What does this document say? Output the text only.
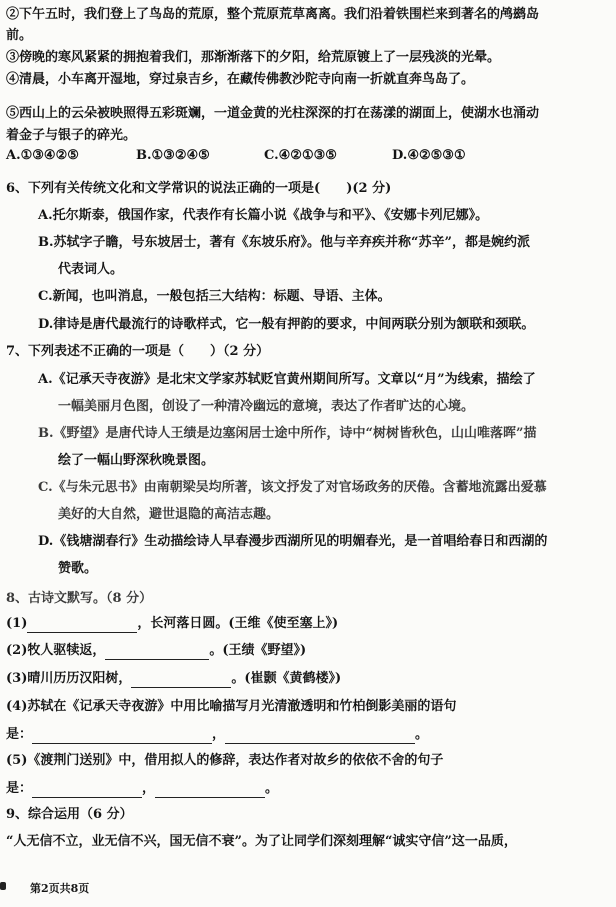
②下午五时，我们登上了鸟岛的荒原，整个荒原荒草离离。我们沿着铁围栏来到著名的鸬鹚岛
前。
③傍晚的寒风紧紧的拥抱着我们，那渐渐落下的夕阳，给荒原镀上了一层残淡的光晕。
④清晨，小车离开湿地，穿过泉吉乡，在藏传佛教沙陀寺向南一折就直奔鸟岛了。
⑤西山上的云朵被映照得五彩斑斓，一道金黄的光柱深深的打在荡漾的湖面上，使湖水也涌动
着金子与银子的碎光。
A.①③④②⑤	B.①③②④⑤	C.④②①③⑤	D.④②⑤③①
6、下列有关传统文化和文学常识的说法正确的一项是(　　)(2 分)
A.托尔斯泰，俄国作家，代表作有长篇小说《战争与和平》、《安娜卡列尼娜》。
B.苏轼字子瞻，号东坡居士，著有《东坡乐府》。他与辛弃疾并称“苏辛”，都是婉约派
代表词人。
C.新闻，也叫消息，一般包括三大结构：标题、导语、主体。
D.律诗是唐代最流行的诗歌样式，它一般有押韵的要求，中间两联分别为颔联和颈联。
7、下列表述不正确的一项是（　　）（2 分）
A.《记承天寺夜游》是北宋文学家苏轼贬官黄州期间所写。文章以“月”为线索，描绘了
一幅美丽月色图，创设了一种清冷幽远的意境，表达了作者旷达的心境。
B.《野望》是唐代诗人王绩是边塞闲居士途中所作，诗中“树树皆秋色，山山唯落晖”描
绘了一幅山野深秋晚景图。
C.《与朱元思书》由南朝梁吴均所著，该文抒发了对官场政务的厌倦。含蓄地流露出爱慕
美好的大自然，避世退隐的高洁志趣。
D.《钱塘湖春行》生动描绘诗人早春漫步西湖所见的明媚春光，是一首唱给春日和西湖的
赞歌。
8、古诗文默写。（8 分）
(1)	，长河落日圆。(王维《使至塞上》)
(2)牧人驱犊返，	。(王绩《野望》)
(3)晴川历历汉阳树，	。(崔颢《黄鹤楼》)
(4)苏轼在《记承天寺夜游》中用比喻描写月光清澈透明和竹柏倒影美丽的语句
是：	，	。
(5)《渡荆门送别》中，借用拟人的修辞，表达作者对故乡的依依不舍的句子
是：	，	。
9、综合运用（6 分）
“人无信不立，业无信不兴，国无信不衰”。为了让同学们深刻理解“诚实守信”这一品质，
第2页共8页
